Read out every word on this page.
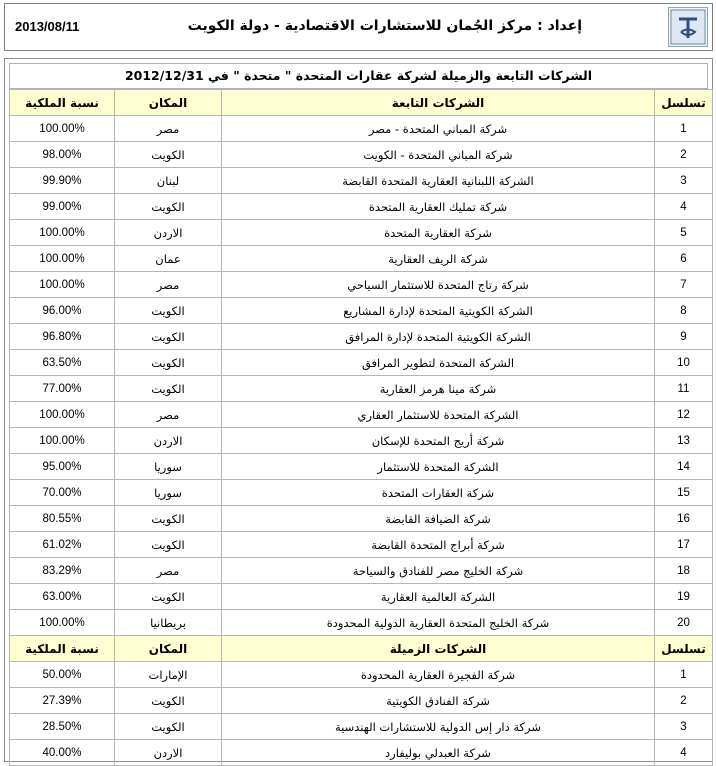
2013/08/11	إعداد : مركز الجُمان للاستشارات الاقتصادية - دولة الكويت
الشركات التابعة والزميلة لشركة عقارات المتحدة " متحدة " في 2012/12/31
نسبة الملكية	المكان	الشركات التابعة	تسلسل
100.00%	مصر	شركة المباني المتحدة - مصر	1
98.00%	الكويت	شركة المباني المتحدة - الكويت	2
99.90%	لبنان	الشركة اللبنانية العقارية المتحدة القابضة	3
99.00%	الكويت	شركة تمليك العقارية المتحدة	4
100.00%	الاردن	شركة العقارية المتحدة	5
100.00%	عمان	شركة الريف العقارية	6
100.00%	مصر	شركة رتاج المتحدة للاستثمار السياحي	7
96.00%	الكويت	الشركة الكويتية المتحدة لإدارة المشاريع	8
96.80%	الكويت	الشركة الكويتية المتحدة لإدارة المرافق	9
63.50%	الكويت	الشركة المتحدة لتطوير المرافق	10
77.00%	الكويت	شركة مينا هرمز العقارية	11
100.00%	مصر	الشركة المتحدة للاستثمار العقاري	12
100.00%	الاردن	شركة أريج المتحدة للإسكان	13
95.00%	سوريا	الشركة المتحدة للاستثمار	14
70.00%	سوريا	شركة العقارات المتحدة	15
80.55%	الكويت	شركة الضيافة القابضة	16
61.02%	الكويت	شركة أبراج المتحدة القابضة	17
83.29%	مصر	شركة الخليج مصر للفنادق والسياحة	18
63.00%	الكويت	الشركة العالمية العقارية	19
100.00%	بريطانيا	شركة الخليج المتحدة العقارية الدولية المحدودة	20
نسبة الملكية	المكان	الشركات الزميلة	تسلسل
50.00%	الإمارات	شركة الفجيرة العقارية المحدودة	1
27.39%	الكويت	شركة الفنادق الكويتية	2
28.50%	الكويت	شركة دار إس الدولية للاستشارات الهندسية	3
40.00%	الاردن	شركة العبدلي بوليفارد	4
